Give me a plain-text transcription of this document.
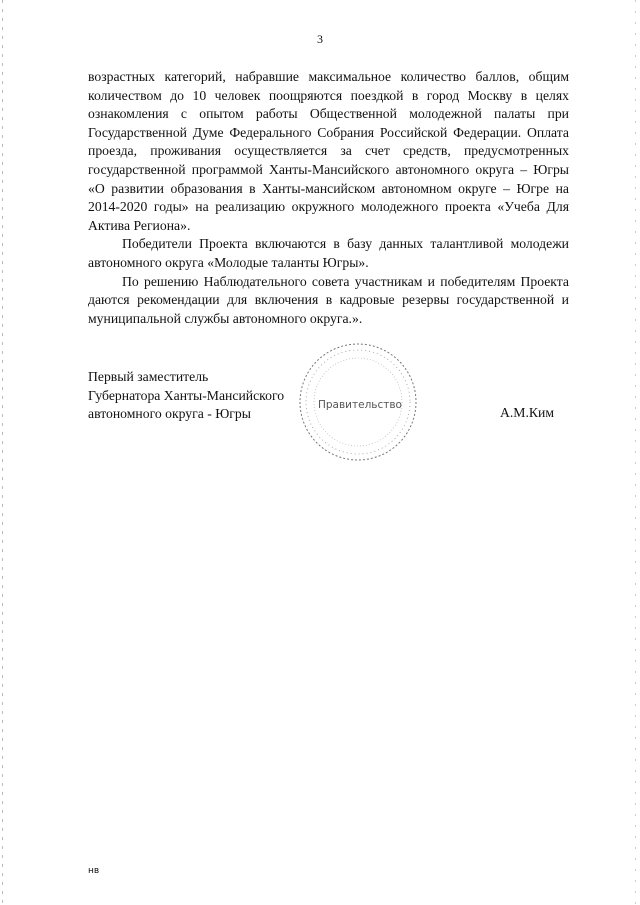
3

возрастных категорий, набравшие максимальное количество баллов, общим количеством до 10 человек поощряются поездкой в город Москву в целях ознакомления с опытом работы Общественной молодежной палаты при Государственной Думе Федерального Собрания Российской Федерации. Оплата проезда, проживания осуществляется за счет средств, предусмотренных государственной программой Ханты-Мансийского автономного округа – Югры «О развитии образования в Ханты-мансийском автономном округе – Югре на 2014-2020 годы» на реализацию окружного молодежного проекта «Учеба Для Актива Региона».

Победители Проекта включаются в базу данных талантливой молодежи автономного округа «Молодые таланты Югры».

По решению Наблюдательного совета участникам и победителям Проекта даются рекомендации для включения в кадровые резервы государственной и муниципальной службы автономного округа.».

Первый заместитель
Губернатора Ханты-Мансийского
автономного округа - Югры	А.М.Ким
Правительство
нв
